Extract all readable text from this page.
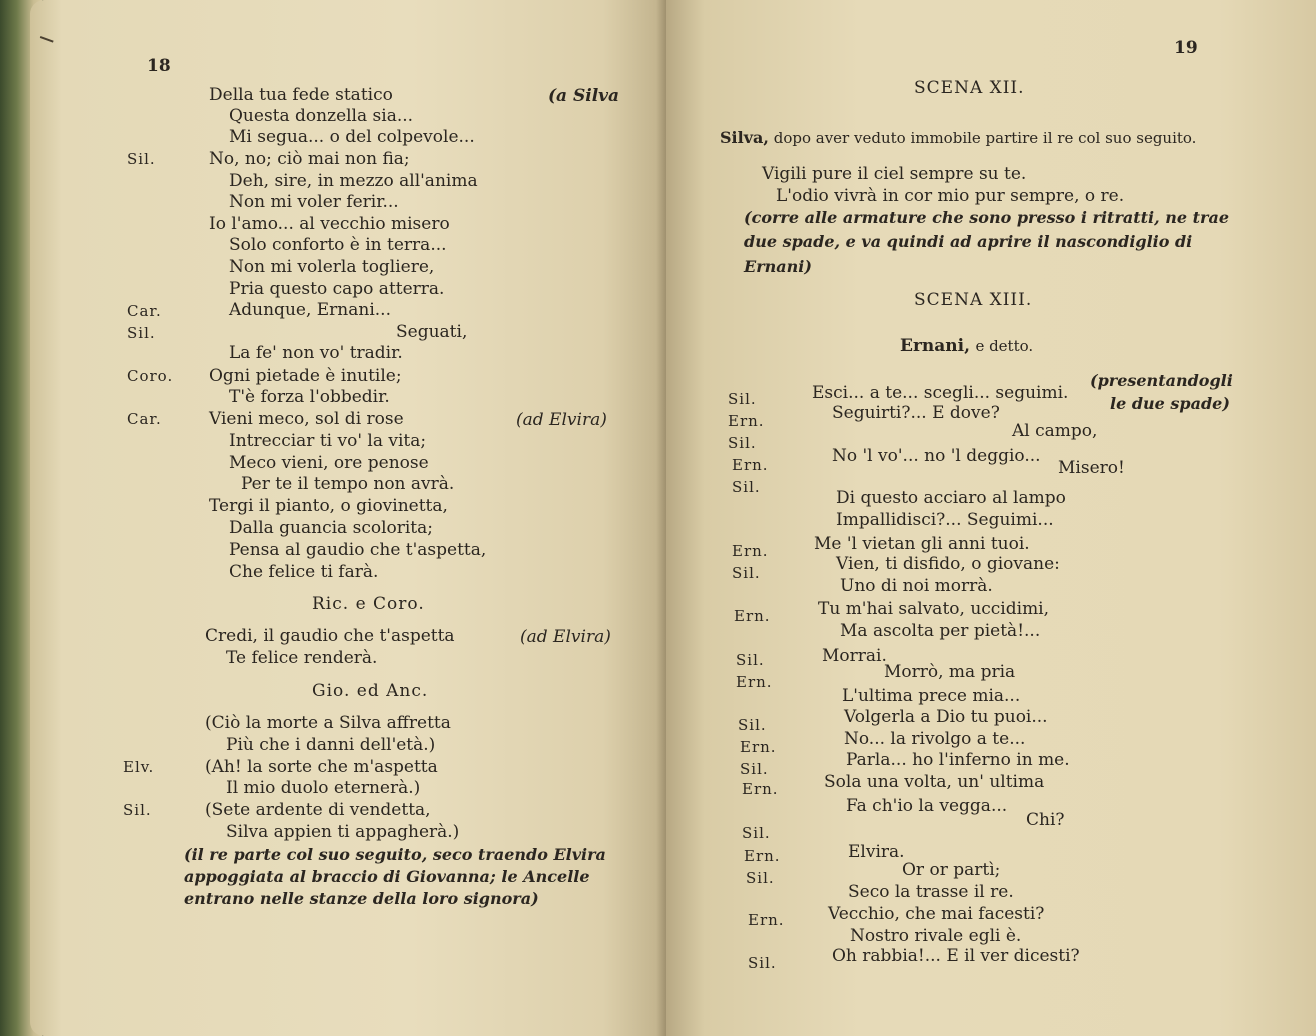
18
(a Silva
Della tua fede statico
Questa donzella sia...
Mi segua... o del colpevole...
Sil.	No, no; ciò mai non fia;
Deh, sire, in mezzo all'anima
Non mi voler ferir...
Io l'amo... al vecchio misero
Solo conforto è in terra...
Non mi volerla togliere,
Pria questo capo atterra.
Car.	Adunque, Ernani...
Sil.	Seguati,
La fe' non vo' tradir.
Coro. Ogni pietade è inutile;
T'è forza l'obbedir.
Car.	Vieni meco, sol di rose	(ad Elvira)
Intrecciar ti vo' la vita;
Meco vieni, ore penose
Per te il tempo non avrà.
Tergi il pianto, o giovinetta,
Dalla guancia scolorita;
Pensa al gaudio che t'aspetta,
Che felice ti farà.
Ric. e Coro.
Credi, il gaudio che t'aspetta	(ad Elvira)
Te felice renderà.
Gio. ed Anc.
(Ciò la morte a Silva affretta
Più che i danni dell'età.)
Elv.	(Ah! la sorte che m'aspetta
Il mio duolo eternerà.)
Sil.	(Sete ardente di vendetta,
Silva appien ti appagherà.)
(il re parte col suo seguito, seco traendo Elvira
appoggiata al braccio di Giovanna; le Ancelle
entrano nelle stanze della loro signora)
19
SCENA XII.
Silva, dopo aver veduto immobile partire il re col suo seguito.
Vigili pure il ciel sempre su te.
L'odio vivrà in cor mio pur sempre, o re.
(corre alle armature che sono presso i ritratti, ne trae
due spade, e va quindi ad aprire il nascondiglio di
Ernani)
SCENA XIII.
Ernani, e detto.
Sil.	Esci... a te... scegli... seguimi.
(presentandogli
Ern.	Seguirti?... E dove?	le due spade)
Sil.
Al campo,
Ern.	No 'l vo'... no 'l deggio...
Misero!
Sil.
Di questo acciaro al lampo
Impallidisci?... Seguimi...
Ern.	Me 'l vietan gli anni tuoi.
Sil.	Vien, ti disfido, o giovane:
Uno di noi morrà.
Ern.	Tu m'hai salvato, uccidimi,
Ma ascolta per pietà!...
Sil.	Morrai.
Ern.	Morrò, ma pria
L'ultima prece mia...
Sil.	Volgerla a Dio tu puoi...
Ern.	No... la rivolgo a te...
Sil.	Parla... ho l'inferno in me.
Ern.	Sola una volta, un' ultima
Fa ch'io la vegga...
Sil.
Chi?
Ern.	Elvira.
Sil.	Or or partì;
Seco la trasse il re.
Ern.	Vecchio, che mai facesti?
Nostro rivale egli è.
Sil.	Oh rabbia!... E il ver dicesti?
